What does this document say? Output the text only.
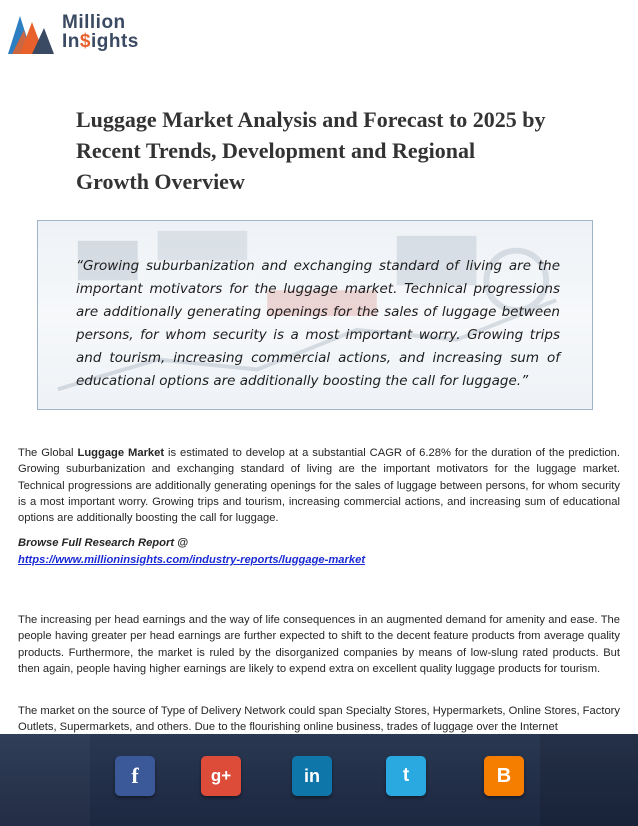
Million
In$ights
Luggage Market Analysis and Forecast to 2025 by Recent Trends, Development and Regional Growth Overview

“Growing suburbanization and exchanging standard of living are the important motivators for the luggage market. Technical progressions are additionally generating openings for the sales of luggage between persons, for whom security is a most important worry. Growing trips and tourism, increasing commercial actions, and increasing sum of educational options are additionally boosting the call for luggage.”

The Global Luggage Market is estimated to develop at a substantial CAGR of 6.28% for the duration of the prediction. Growing suburbanization and exchanging standard of living are the important motivators for the luggage market. Technical progressions are additionally generating openings for the sales of luggage between persons, for whom security is a most important worry. Growing trips and tourism, increasing commercial actions, and increasing sum of educational options are additionally boosting the call for luggage.

Browse Full Research Report @

https://www.millioninsights.com/industry-reports/luggage-market

The increasing per head earnings and the way of life consequences in an augmented demand for amenity and ease. The people having greater per head earnings are further expected to shift to the decent feature products from average quality products. Furthermore, the market is ruled by the disorganized companies by means of low-slung rated products. But then again, people having higher earnings are likely to expend extra on excellent quality luggage products for tourism.

The market on the source of Type of Delivery Network could span Specialty Stores, Hypermarkets, Online Stores, Factory Outlets, Supermarkets, and others. Due to the flourishing online business, trades of luggage over the Internet

f	g+	in	t	B
